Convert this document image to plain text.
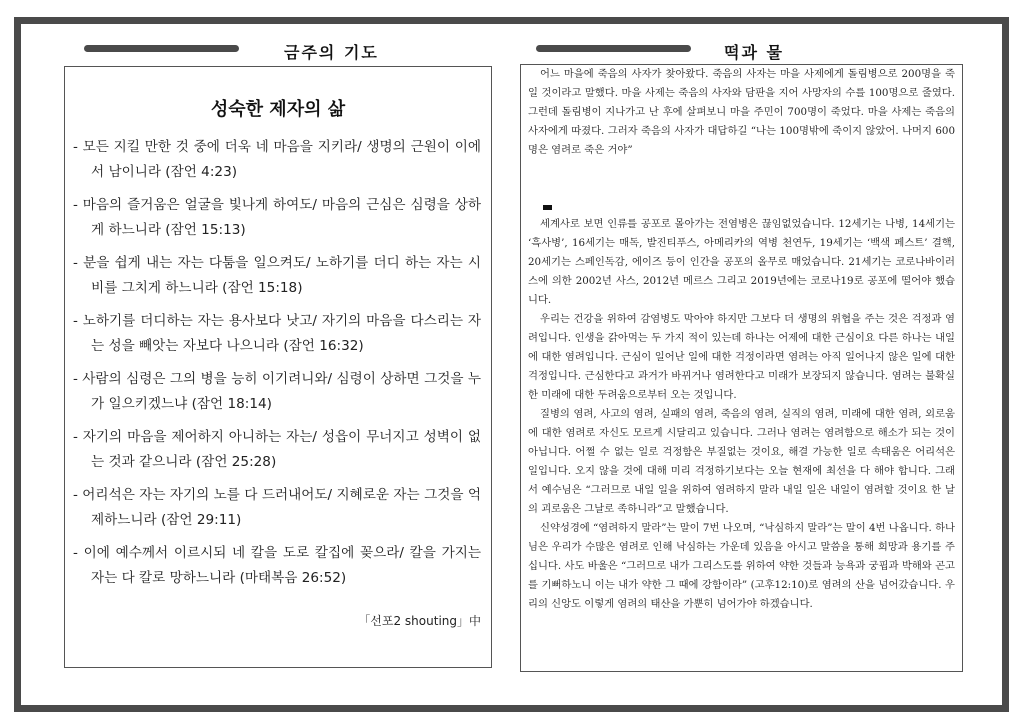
금주의 기도	떡과 물
성숙한 제자의 삶
- 모든 지킬 만한 것 중에 더욱 네 마음을 지키라/ 생명의 근원이 이에서 남이니라 (잠언 4:23)
- 마음의 즐거움은 얼굴을 빛나게 하여도/ 마음의 근심은 심령을 상하게 하느니라 (잠언 15:13)
- 분을 쉽게 내는 자는 다툼을 일으켜도/ 노하기를 더디 하는 자는 시비를 그치게 하느니라 (잠언 15:18)
- 노하기를 더디하는 자는 용사보다 낫고/ 자기의 마음을 다스리는 자는 성을 빼앗는 자보다 나으니라 (잠언 16:32)
- 사람의 심령은 그의 병을 능히 이기려니와/ 심령이 상하면 그것을 누가 일으키겠느냐 (잠언 18:14)
- 자기의 마음을 제어하지 아니하는 자는/ 성읍이 무너지고 성벽이 없는 것과 같으니라 (잠언 25:28)
- 어리석은 자는 자기의 노를 다 드러내어도/ 지혜로운 자는 그것을 억제하느니라 (잠언 29:11)
- 이에 예수께서 이르시되 네 칼을 도로 칼집에 꽂으라/ 칼을 가지는 자는 다 칼로 망하느니라 (마태복음 26:52)
「선포2 shouting」中

어느 마을에 죽음의 사자가 찾아왔다. 죽음의 사자는 마을 사제에게 돌림병으로 200명을 죽일 것이라고 말했다. 마을 사제는 죽음의 사자와 담판을 지어 사망자의 수를 100명으로 줄였다. 그런데 돌림병이 지나가고 난 후에 살펴보니 마을 주민이 700명이 죽었다. 마을 사제는 죽음의 사자에게 따졌다. 그러자 죽음의 사자가 대답하길 “나는 100명밖에 죽이지 않았어. 나머지 600명은 염려로 죽은 거야”

세계사로 보면 인류를 공포로 몰아가는 전염병은 끊임없었습니다. 12세기는 나병, 14세기는 ‘흑사병’, 16세기는 매독, 발진티푸스, 아메리카의 역병 천연두, 19세기는 ‘백색 페스트’ 결핵, 20세기는 스페인독감, 에이즈 등이 인간을 공포의 올무로 매었습니다. 21세기는 코로나바이러스에 의한 2002년 사스, 2012년 메르스 그리고 2019년에는 코로나19로 공포에 떨어야 했습니다.

우리는 건강을 위하여 감염병도 막아야 하지만 그보다 더 생명의 위협을 주는 것은 걱정과 염려입니다. 인생을 갉아먹는 두 가지 적이 있는데 하나는 어제에 대한 근심이요 다른 하나는 내일에 대한 염려입니다. 근심이 일어난 일에 대한 걱정이라면 염려는 아직 일어나지 않은 일에 대한 걱정입니다. 근심한다고 과거가 바뀌거나 염려한다고 미래가 보장되지 않습니다. 염려는 불확실한 미래에 대한 두려움으로부터 오는 것입니다.

질병의 염려, 사고의 염려, 실패의 염려, 죽음의 염려, 실직의 염려, 미래에 대한 염려, 외로움에 대한 염려로 자신도 모르게 시달리고 있습니다. 그러나 염려는 염려함으로 해소가 되는 것이 아닙니다. 어쩔 수 없는 일로 걱정함은 부질없는 것이요, 해결 가능한 일로 속태움은 어리석은 일입니다. 오지 않을 것에 대해 미리 걱정하기보다는 오늘 현재에 최선을 다 해야 합니다. 그래서 예수님은 “그러므로 내일 일을 위하여 염려하지 말라 내일 일은 내일이 염려할 것이요 한 날의 괴로움은 그날로 족하니라”고 말했습니다.

신약성경에 “염려하지 말라”는 말이 7번 나오며, “낙심하지 말라”는 말이 4번 나옵니다. 하나님은 우리가 수많은 염려로 인해 낙심하는 가운데 있음을 아시고 말씀을 통해 희망과 용기를 주십니다. 사도 바울은 “그러므로 내가 그리스도를 위하여 약한 것들과 능욕과 궁핍과 박해와 곤고를 기뻐하노니 이는 내가 약한 그 때에 강함이라” (고후12:10)로 염려의 산을 넘어갔습니다. 우리의 신앙도 이렇게 염려의 태산을 가뿐히 넘어가야 하겠습니다.
